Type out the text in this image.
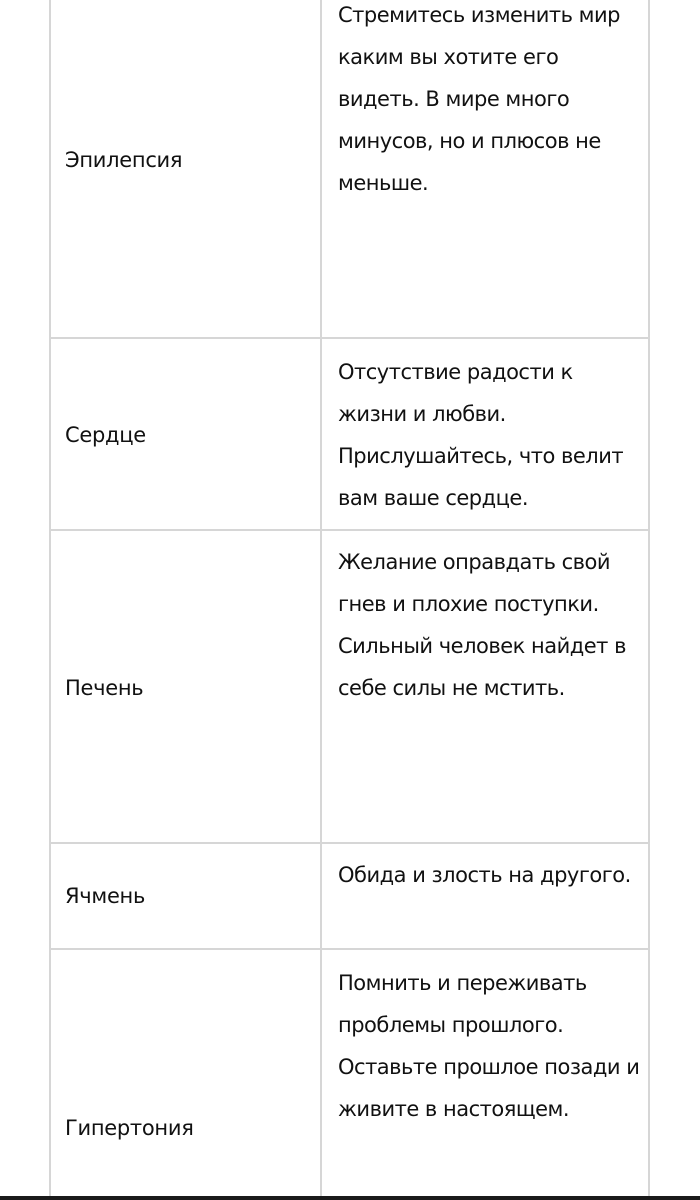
Эпилепсия

Стремитесь изменить мир каким вы хотите его видеть. В мире много минусов, но и плюсов не меньше.

Сердце

Отсутствие радости к жизни и любви. Прислушайтесь, что велит вам ваше сердце.

Печень

Желание оправдать свой гнев и плохие поступки. Сильный человек найдет в себе силы не мстить.

Ячмень

Обида и злость на другого.

Гипертония

Помнить и переживать проблемы прошлого. Оставьте прошлое позади и живите в настоящем.
